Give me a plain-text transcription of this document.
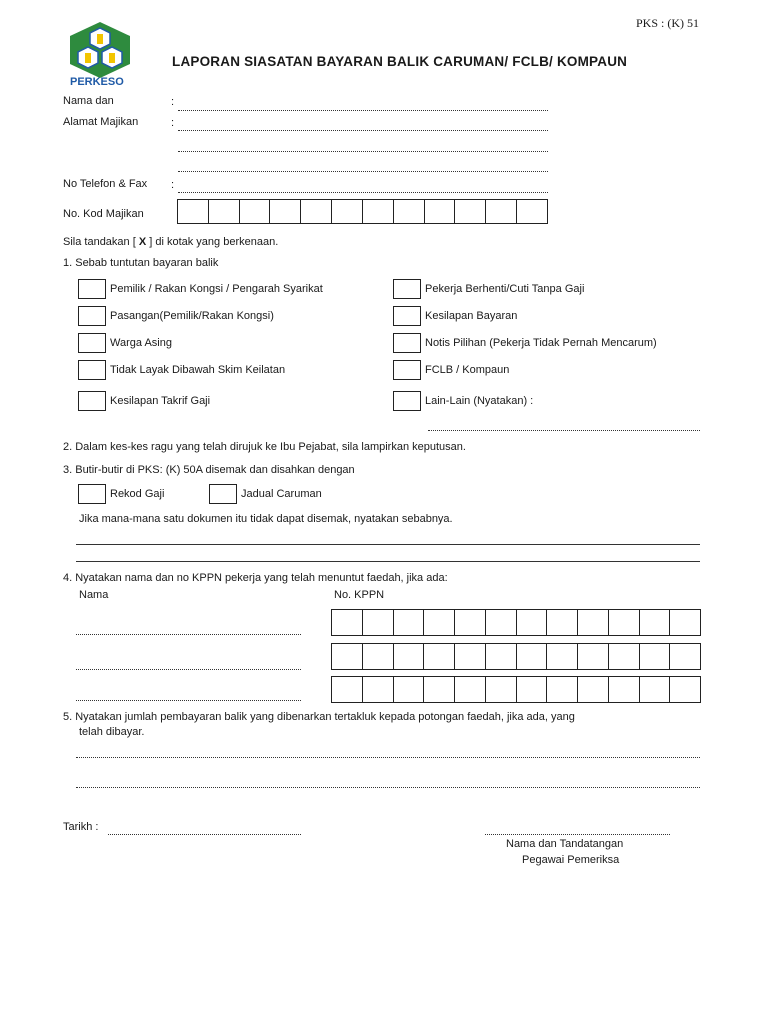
PKS : (K) 51
PERKESO
LAPORAN SIASATAN BAYARAN BALIK CARUMAN/ FCLB/ KOMPAUN
Nama dan
Alamat Majikan
:
:
No Telefon & Fax :
No. Kod Majikan
Sila tandakan [ X ] di kotak yang berkenaan.
1. Sebab tuntutan bayaran balik
Pemilik / Rakan Kongsi / Pengarah Syarikat
Pasangan(Pemilik/Rakan Kongsi)
Warga Asing
Tidak Layak Dibawah Skim Keilatan
Kesilapan Takrif Gaji
Pekerja Berhenti/Cuti Tanpa Gaji
Kesilapan Bayaran
Notis Pilihan (Pekerja Tidak Pernah Mencarum)
FCLB / Kompaun
Lain-Lain (Nyatakan) :
2. Dalam kes-kes ragu yang telah dirujuk ke Ibu Pejabat, sila lampirkan keputusan.
3. Butir-butir di PKS: (K) 50A disemak dan disahkan dengan
Rekod Gaji	Jadual Caruman
Jika mana-mana satu dokumen itu tidak dapat disemak, nyatakan sebabnya.
4. Nyatakan nama dan no KPPN pekerja yang telah menuntut faedah, jika ada:
Nama	No. KPPN
5. Nyatakan jumlah pembayaran balik yang dibenarkan tertakluk kepada potongan faedah, jika ada, yang
telah dibayar.
Tarikh :
Nama dan Tandatangan
Pegawai Pemeriksa
